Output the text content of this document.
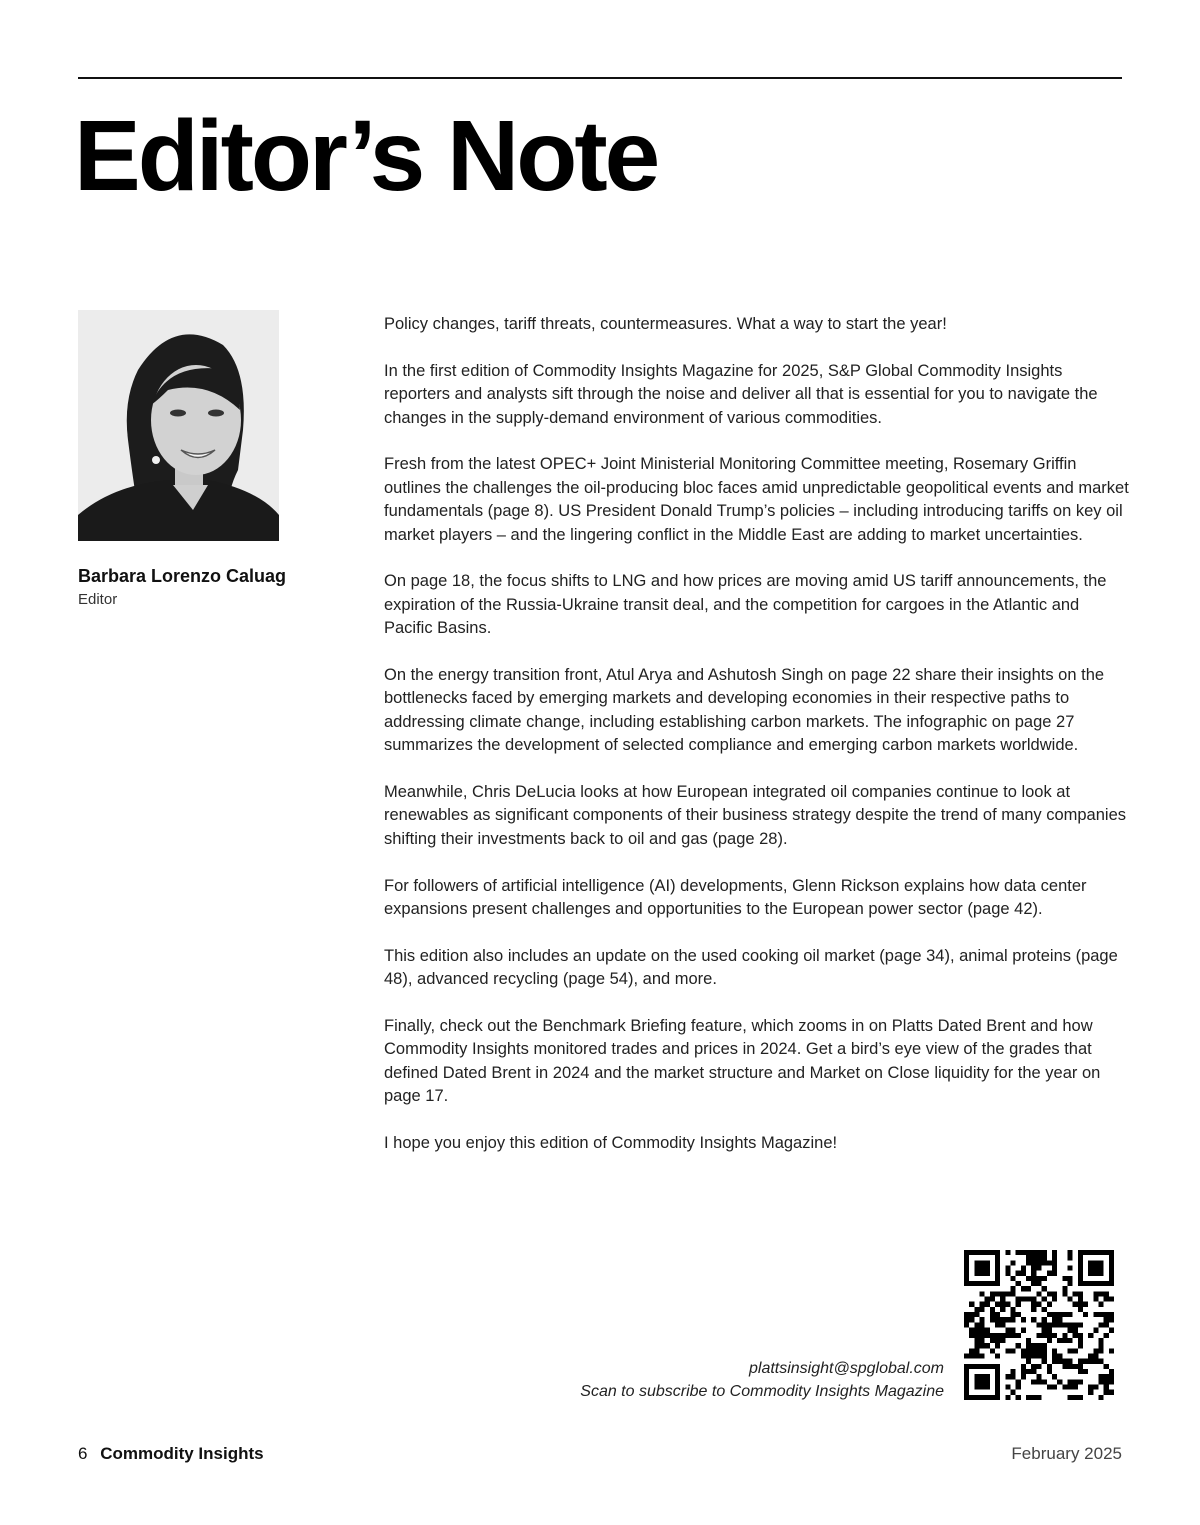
Editor’s Note
Barbara Lorenzo Caluag
Editor

Policy changes, tariff threats, countermeasures. What a way to start the year!

In the first edition of Commodity Insights Magazine for 2025, S&P Global Commodity Insights reporters and analysts sift through the noise and deliver all that is essential for you to navigate the changes in the supply-demand environment of various commodities.

Fresh from the latest OPEC+ Joint Ministerial Monitoring Committee meeting, Rosemary Griffin outlines the challenges the oil-producing bloc faces amid unpredictable geopolitical events and market fundamentals (page 8). US President Donald Trump’s policies – including introducing tariffs on key oil market players – and the lingering conflict in the Middle East are adding to market uncertainties.

On page 18, the focus shifts to LNG and how prices are moving amid US tariff announcements, the expiration of the Russia-Ukraine transit deal, and the competition for cargoes in the Atlantic and Pacific Basins.

On the energy transition front, Atul Arya and Ashutosh Singh on page 22 share their insights on the bottlenecks faced by emerging markets and developing economies in their respective paths to addressing climate change, including establishing carbon markets. The infographic on page 27 summarizes the development of selected compliance and emerging carbon markets worldwide.

Meanwhile, Chris DeLucia looks at how European integrated oil companies continue to look at renewables as significant components of their business strategy despite the trend of many companies shifting their investments back to oil and gas (page 28).

For followers of artificial intelligence (AI) developments, Glenn Rickson explains how data center expansions present challenges and opportunities to the European power sector (page 42).

This edition also includes an update on the used cooking oil market (page 34), animal proteins (page 48), advanced recycling (page 54), and more.

Finally, check out the Benchmark Briefing feature, which zooms in on Platts Dated Brent and how Commodity Insights monitored trades and prices in 2024. Get a bird’s eye view of the grades that defined Dated Brent in 2024 and the market structure and Market on Close liquidity for the year on page 17.

I hope you enjoy this edition of Commodity Insights Magazine!

plattsinsight@spglobal.com
Scan to subscribe to Commodity Insights Magazine
6 Commodity Insights	February 2025
